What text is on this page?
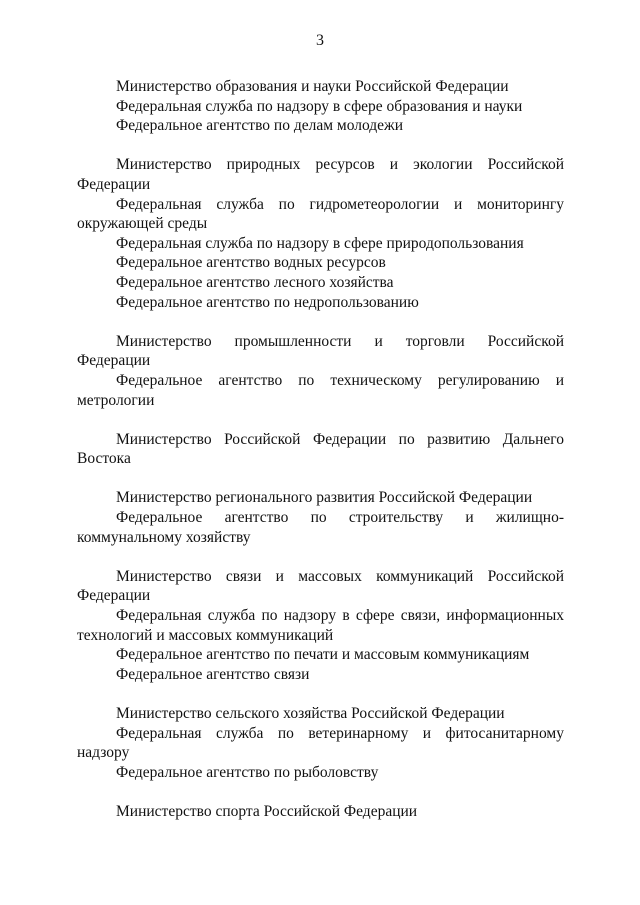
3

Министерство образования и науки Российской Федерации

Федеральная служба по надзору в сфере образования и науки

Федеральное агентство по делам молодежи

Министерство природных ресурсов и экологии Российской Федерации

Федеральная служба по гидрометеорологии и мониторингу окружающей среды

Федеральная служба по надзору в сфере природопользования

Федеральное агентство водных ресурсов

Федеральное агентство лесного хозяйства

Федеральное агентство по недропользованию

Министерство промышленности и торговли Российской Федерации

Федеральное агентство по техническому регулированию и метрологии

Министерство Российской Федерации по развитию Дальнего Востока

Министерство регионального развития Российской Федерации

Федеральное агентство по строительству и жилищно-коммунальному хозяйству

Министерство связи и массовых коммуникаций Российской Федерации

Федеральная служба по надзору в сфере связи, информационных технологий и массовых коммуникаций

Федеральное агентство по печати и массовым коммуникациям

Федеральное агентство связи

Министерство сельского хозяйства Российской Федерации

Федеральная служба по ветеринарному и фитосанитарному надзору

Федеральное агентство по рыболовству

Министерство спорта Российской Федерации
